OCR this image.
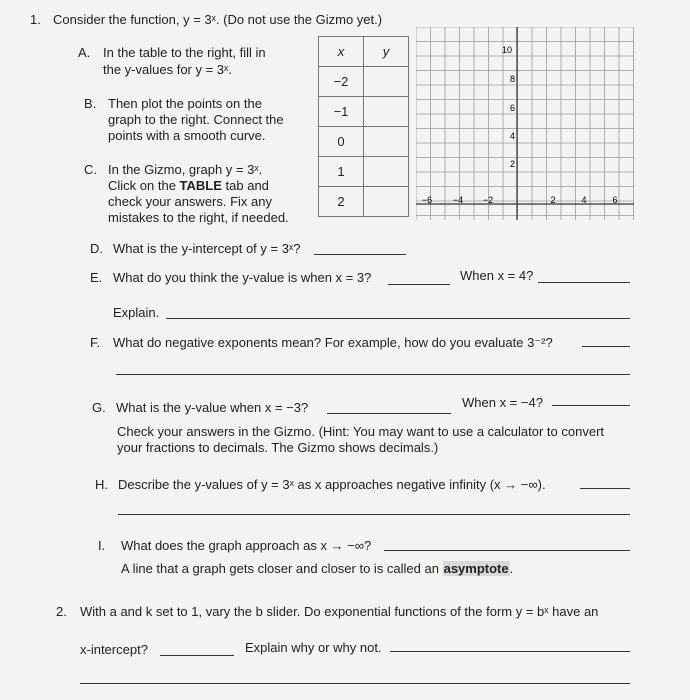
1. Consider the function, y = 3ˣ. (Do not use the Gizmo yet.)
A. In the table to the right, fill in
the y-values for y = 3ˣ.
B. Then plot the points on the
graph to the right. Connect the
points with a smooth curve.
C. In the Gizmo, graph y = 3ˣ.
Click on the TABLE tab and
check your answers. Fix any
mistakes to the right, if needed.
x	y
−2	
−1	
0	
1	
2	
10
8
6
4
2
−6 −4 −2	2	4	6
D. What is the y-intercept of y = 3ˣ?
E. What do you think the y-value is when x = 3?	When x = 4?
Explain.
F. What do negative exponents mean? For example, how do you evaluate 3⁻²?
G. What is the y-value when x = −3?	When x = −4?
Check your answers in the Gizmo. (Hint: You may want to use a calculator to convert
your fractions to decimals. The Gizmo shows decimals.)
H. Describe the y-values of y = 3ˣ as x approaches negative infinity (x → −∞).
I. What does the graph approach as x → −∞?
A line that a graph gets closer and closer to is called an asymptote.
2. With a and k set to 1, vary the b slider. Do exponential functions of the form y = bˣ have an
x-intercept?	Explain why or why not.
